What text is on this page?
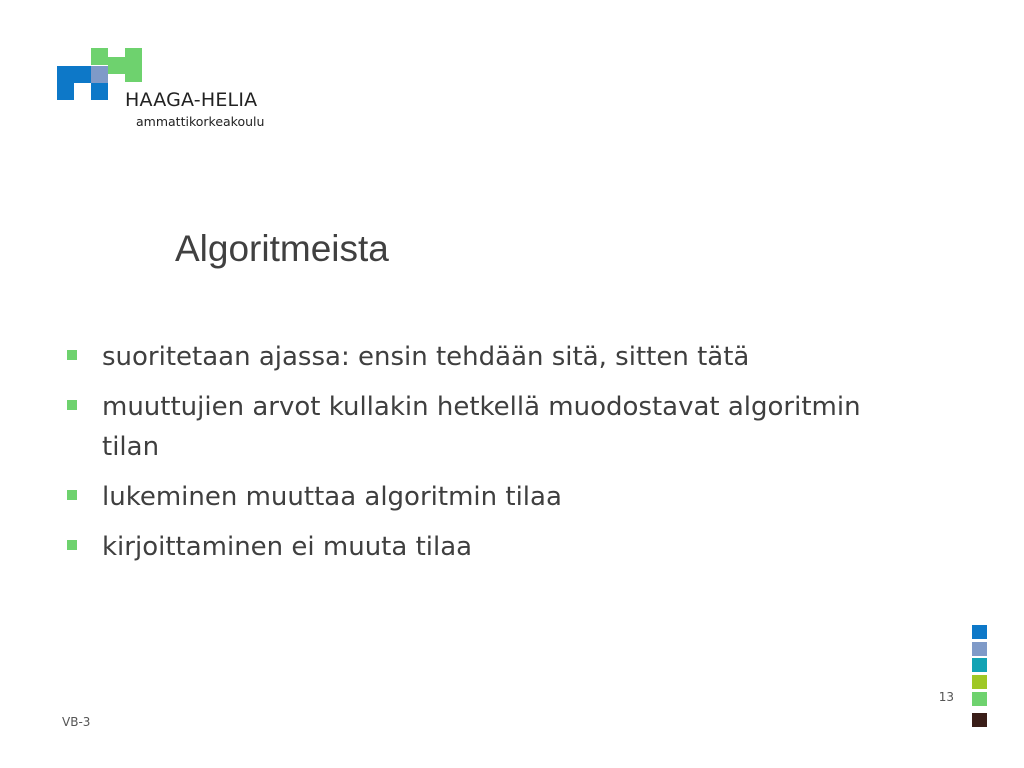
HAAGA-HELIA
ammattikorkeakoulu
Algoritmeista
suoritetaan ajassa: ensin tehdään sitä, sitten tätä
muuttujien arvot kullakin hetkellä muodostavat algoritmin tilan
lukeminen muuttaa algoritmin tilaa
kirjoittaminen ei muuta tilaa
VB-3
13
